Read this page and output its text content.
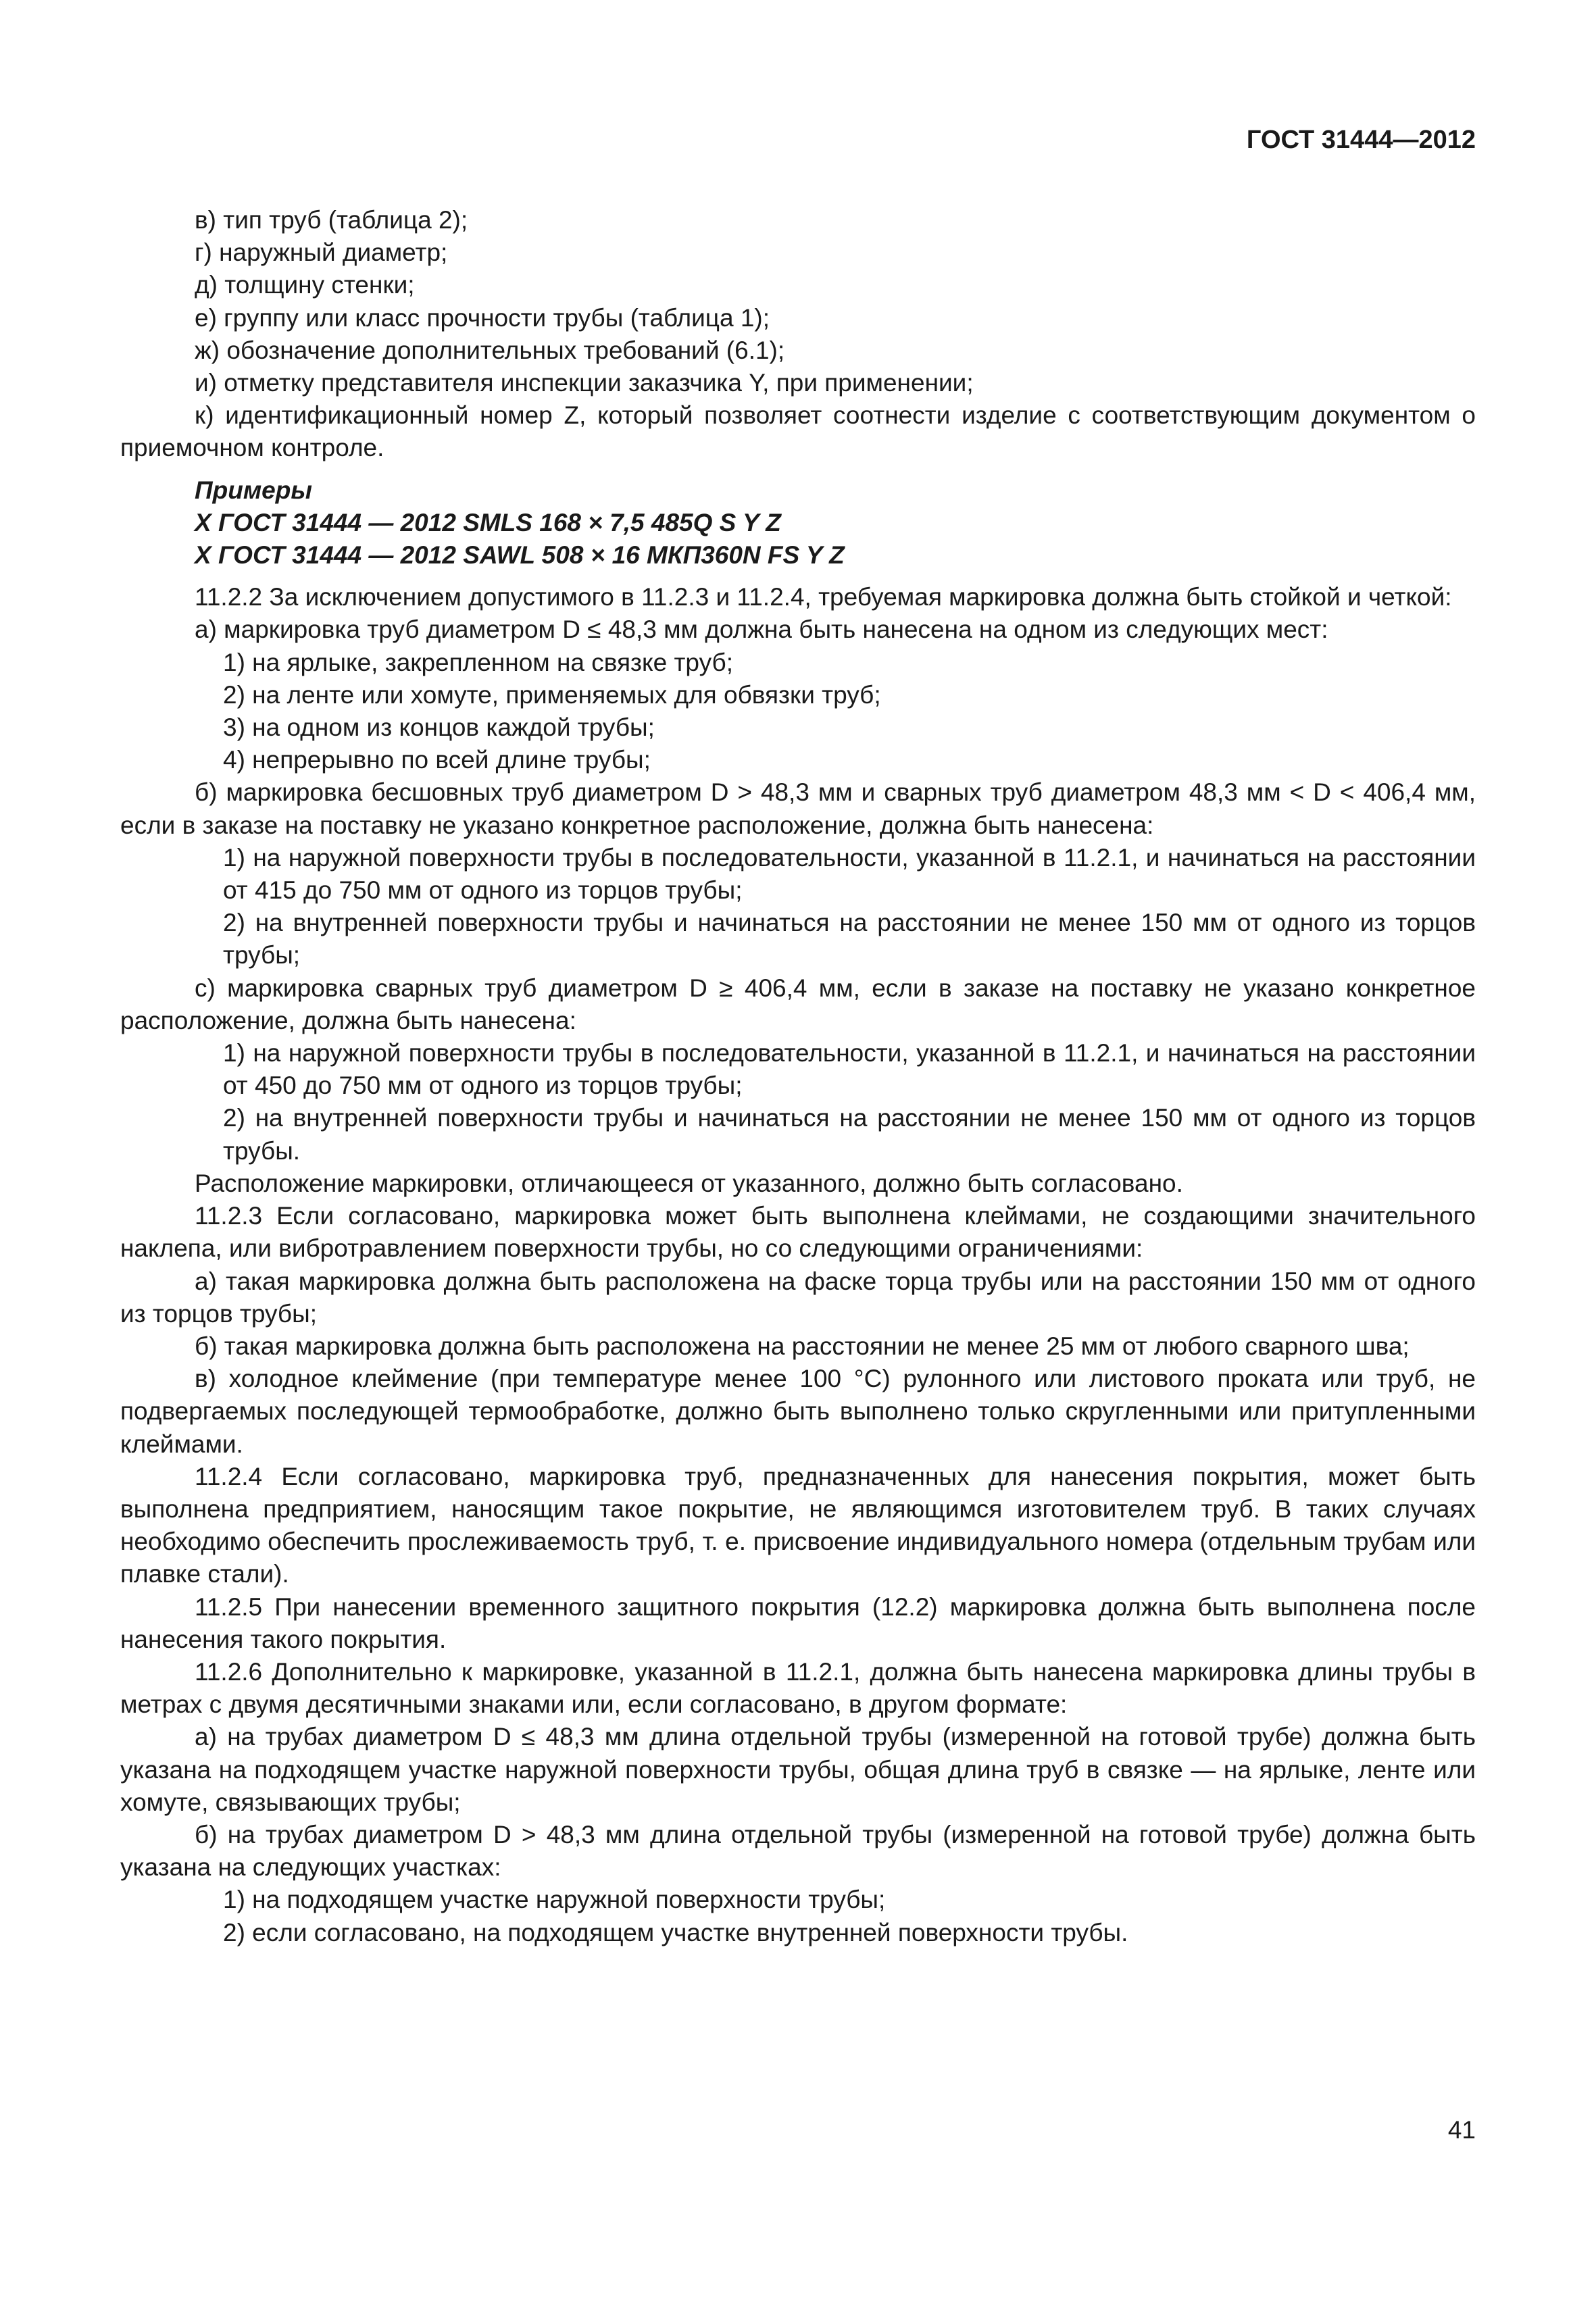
ГОСТ 31444—2012

в) тип труб (таблица 2);

г) наружный диаметр;

д) толщину стенки;

е) группу или класс прочности трубы (таблица 1);

ж) обозначение дополнительных требований (6.1);

и) отметку представителя инспекции заказчика Y, при применении;

к) идентификационный номер Z, который позволяет соотнести изделие с соответствующим документом о приемочном контроле.

Примеры

Х ГОСТ 31444 — 2012 SMLS 168 × 7,5 485Q S Y Z

Х ГОСТ 31444 — 2012 SAWL 508 × 16 МКП360N FS Y Z

11.2.2 За исключением допустимого в 11.2.3 и 11.2.4, требуемая маркировка должна быть стойкой и четкой:

а) маркировка труб диаметром D ≤ 48,3 мм должна быть нанесена на одном из следующих мест:

1) на ярлыке, закрепленном на связке труб;

2) на ленте или хомуте, применяемых для обвязки труб;

3) на одном из концов каждой трубы;

4) непрерывно по всей длине трубы;

б) маркировка бесшовных труб диаметром D > 48,3 мм и сварных труб диаметром 48,3 мм < D < 406,4 мм, если в заказе на поставку не указано конкретное расположение, должна быть нанесена:

1) на наружной поверхности трубы в последовательности, указанной в 11.2.1, и начинаться на расстоянии от 415 до 750 мм от одного из торцов трубы;

2) на внутренней поверхности трубы и начинаться на расстоянии не менее 150 мм от одного из торцов трубы;

с) маркировка сварных труб диаметром D ≥ 406,4 мм, если в заказе на поставку не указано конкретное расположение, должна быть нанесена:

1) на наружной поверхности трубы в последовательности, указанной в 11.2.1, и начинаться на расстоянии от 450 до 750 мм от одного из торцов трубы;

2) на внутренней поверхности трубы и начинаться на расстоянии не менее 150 мм от одного из торцов трубы.

Расположение маркировки, отличающееся от указанного, должно быть согласовано.

11.2.3 Если согласовано, маркировка может быть выполнена клеймами, не создающими значительного наклепа, или вибротравлением поверхности трубы, но со следующими ограничениями:

а) такая маркировка должна быть расположена на фаске торца трубы или на расстоянии 150 мм от одного из торцов трубы;

б) такая маркировка должна быть расположена на расстоянии не менее 25 мм от любого сварного шва;

в) холодное клеймение (при температуре менее 100 °С) рулонного или листового проката или труб, не подвергаемых последующей термообработке, должно быть выполнено только скругленными или притупленными клеймами.

11.2.4 Если согласовано, маркировка труб, предназначенных для нанесения покрытия, может быть выполнена предприятием, наносящим такое покрытие, не являющимся изготовителем труб. В таких случаях необходимо обеспечить прослеживаемость труб, т. е. присвоение индивидуального номера (отдельным трубам или плавке стали).

11.2.5 При нанесении временного защитного покрытия (12.2) маркировка должна быть выполнена после нанесения такого покрытия.

11.2.6 Дополнительно к маркировке, указанной в 11.2.1, должна быть нанесена маркировка длины трубы в метрах с двумя десятичными знаками или, если согласовано, в другом формате:

а) на трубах диаметром D ≤ 48,3 мм длина отдельной трубы (измеренной на готовой трубе) должна быть указана на подходящем участке наружной поверхности трубы, общая длина труб в связке — на ярлыке, ленте или хомуте, связывающих трубы;

б) на трубах диаметром D > 48,3 мм длина отдельной трубы (измеренной на готовой трубе) должна быть указана на следующих участках:

1) на подходящем участке наружной поверхности трубы;

2) если согласовано, на подходящем участке внутренней поверхности трубы.

41
